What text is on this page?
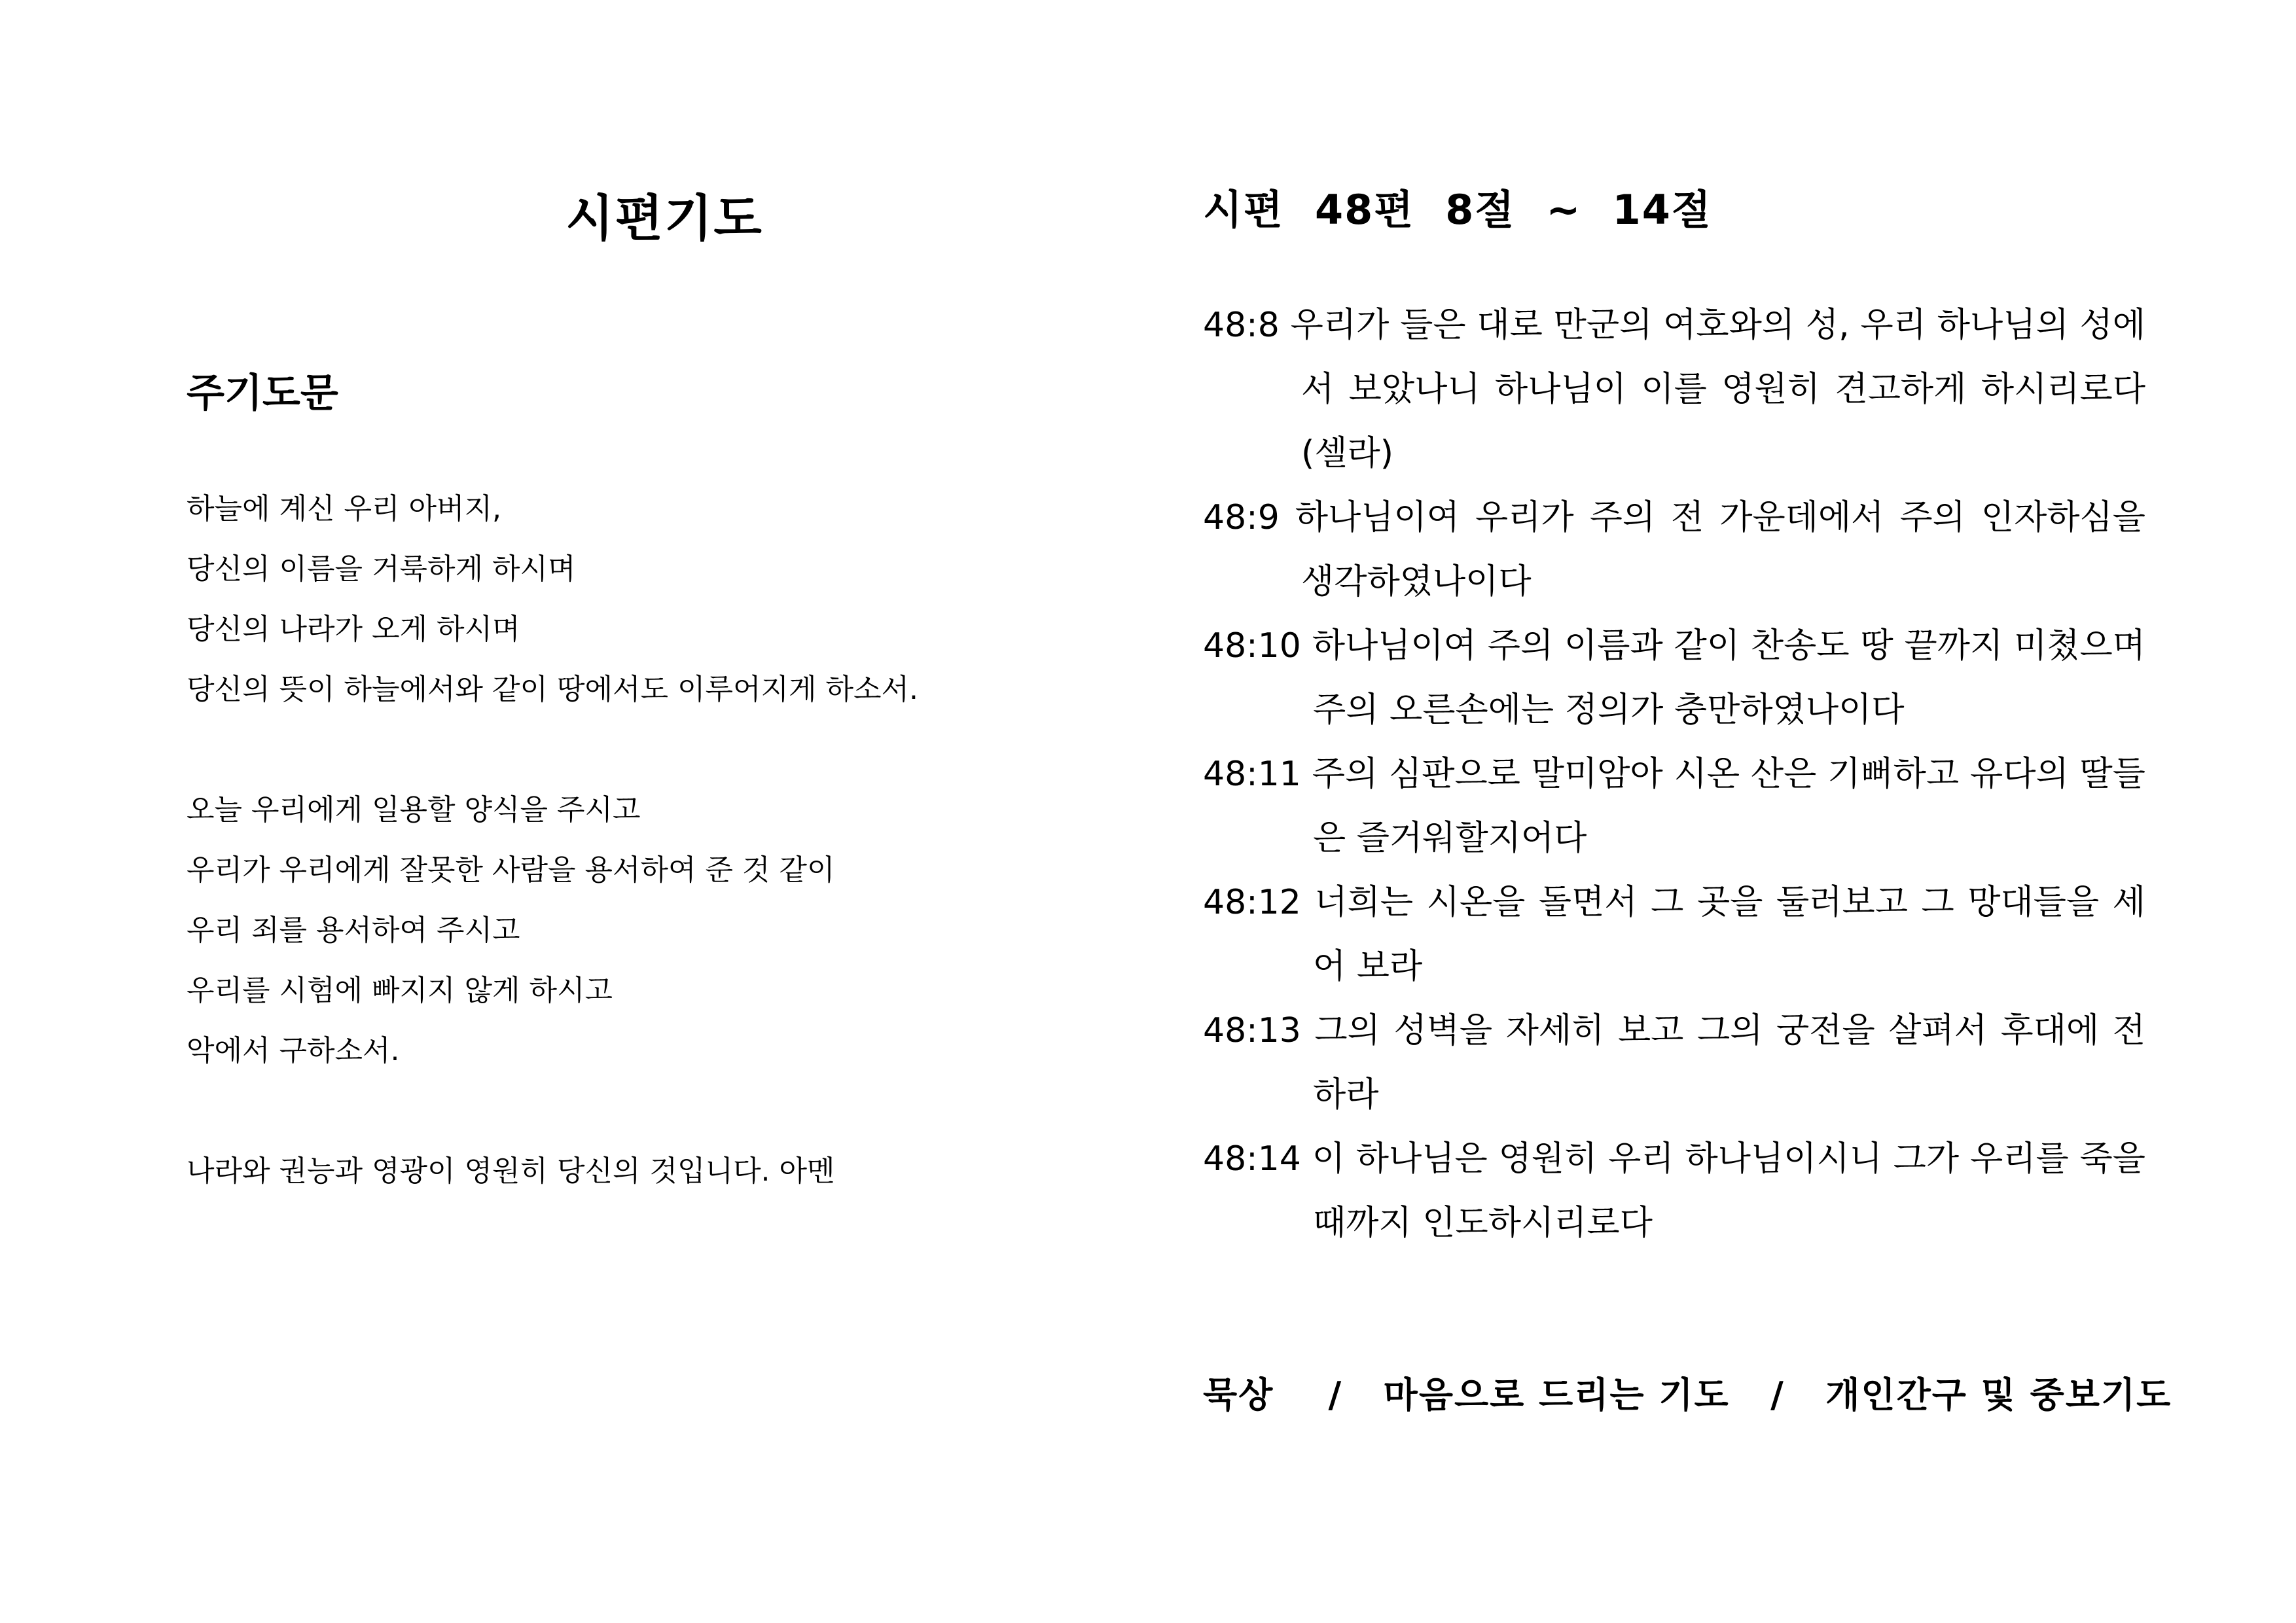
시편기도
주기도문
하늘에 계신 우리 아버지,
당신의 이름을 거룩하게 하시며
당신의 나라가 오게 하시며
당신의 뜻이 하늘에서와 같이 땅에서도 이루어지게 하소서.
오늘 우리에게 일용할 양식을 주시고
우리가 우리에게 잘못한 사람을 용서하여 준 것 같이
우리 죄를 용서하여 주시고
우리를 시험에 빠지지 않게 하시고
악에서 구하소서.
나라와 권능과 영광이 영원히 당신의 것입니다. 아멘
시편  48편  8절  ~  14절
48:8 우리가 들은 대로 만군의 여호와의 성, 우리 하나님의 성에서 보았나니 하나님이 이를 영원히 견고하게 하시리로다 (셀라)
48:9 하나님이여 우리가 주의 전 가운데에서 주의 인자하심을 생각하였나이다
48:10 하나님이여 주의 이름과 같이 찬송도 땅 끝까지 미쳤으며 주의 오른손에는 정의가 충만하였나이다
48:11 주의 심판으로 말미암아 시온 산은 기뻐하고 유다의 딸들은 즐거워할지어다
48:12 너희는 시온을 돌면서 그 곳을 둘러보고 그 망대들을 세어 보라
48:13 그의 성벽을 자세히 보고 그의 궁전을 살펴서 후대에 전하라
48:14 이 하나님은 영원히 우리 하나님이시니 그가 우리를 죽을 때까지 인도하시리로다
묵상    /   마음으로 드리는 기도   /   개인간구 및 중보기도
